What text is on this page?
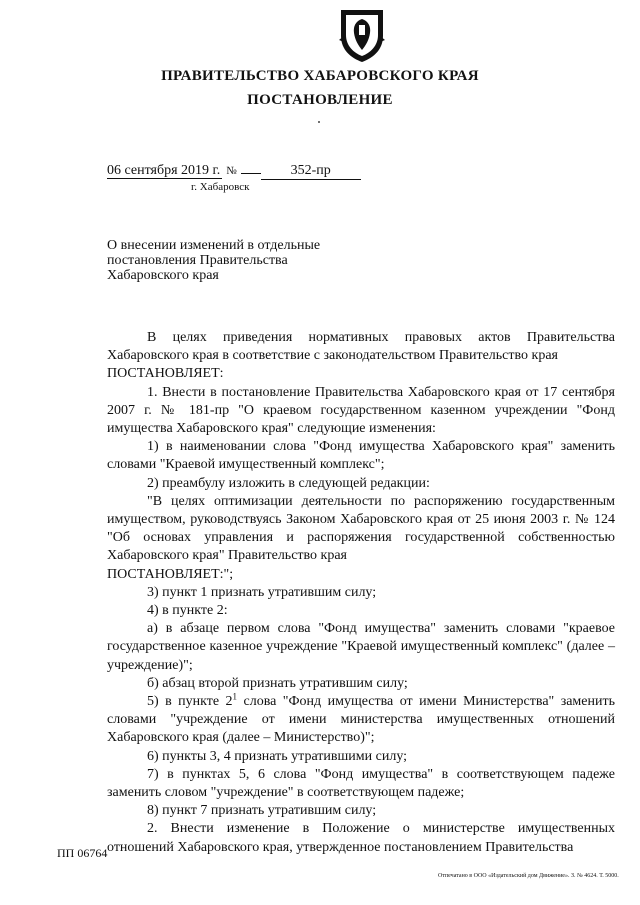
ПРАВИТЕЛЬСТВО ХАБАРОВСКОГО КРАЯ
ПОСТАНОВЛЕНИЕ
06 сентября 2019 г. №	352-пр
г. Хабаровск
О внесении изменений в отдельные постановления Правительства Хабаровского края

В целях приведения нормативных правовых актов Правительства Хабаровского края в соответствие с законодательством Правительство края

ПОСТАНОВЛЯЕТ:

1. Внести в постановление Правительства Хабаровского края от 17 сентября 2007 г. № 181-пр "О краевом государственном казенном учреждении "Фонд имущества Хабаровского края" следующие изменения:

1) в наименовании слова "Фонд имущества Хабаровского края" заменить словами "Краевой имущественный комплекс";

2) преамбулу изложить в следующей редакции:

"В целях оптимизации деятельности по распоряжению государственным имуществом, руководствуясь Законом Хабаровского края от 25 июня 2003 г. № 124 "Об основах управления и распоряжения государственной собственностью Хабаровского края" Правительство края

ПОСТАНОВЛЯЕТ:";

3) пункт 1 признать утратившим силу;

4) в пункте 2:

а) в абзаце первом слова "Фонд имущества" заменить словами "краевое государственное казенное учреждение "Краевой имущественный комплекс" (далее – учреждение)";

б) абзац второй признать утратившим силу;

5) в пункте $2^1$ слова "Фонд имущества от имени Министерства" заменить словами "учреждение от имени министерства имущественных отношений Хабаровского края (далее – Министерство)";

6) пункты 3, 4 признать утратившими силу;

7) в пунктах 5, 6 слова "Фонд имущества" в соответствующем падеже заменить словом "учреждение" в соответствующем падеже;

8) пункт 7 признать утратившим силу;

2. Внести изменение в Положение о министерстве имущественных отношений Хабаровского края, утвержденное постановлением Правительства

ПП 06764
Отпечатано в ООО «Издательский дом Движение». З. № 4624. Т. 5000.
